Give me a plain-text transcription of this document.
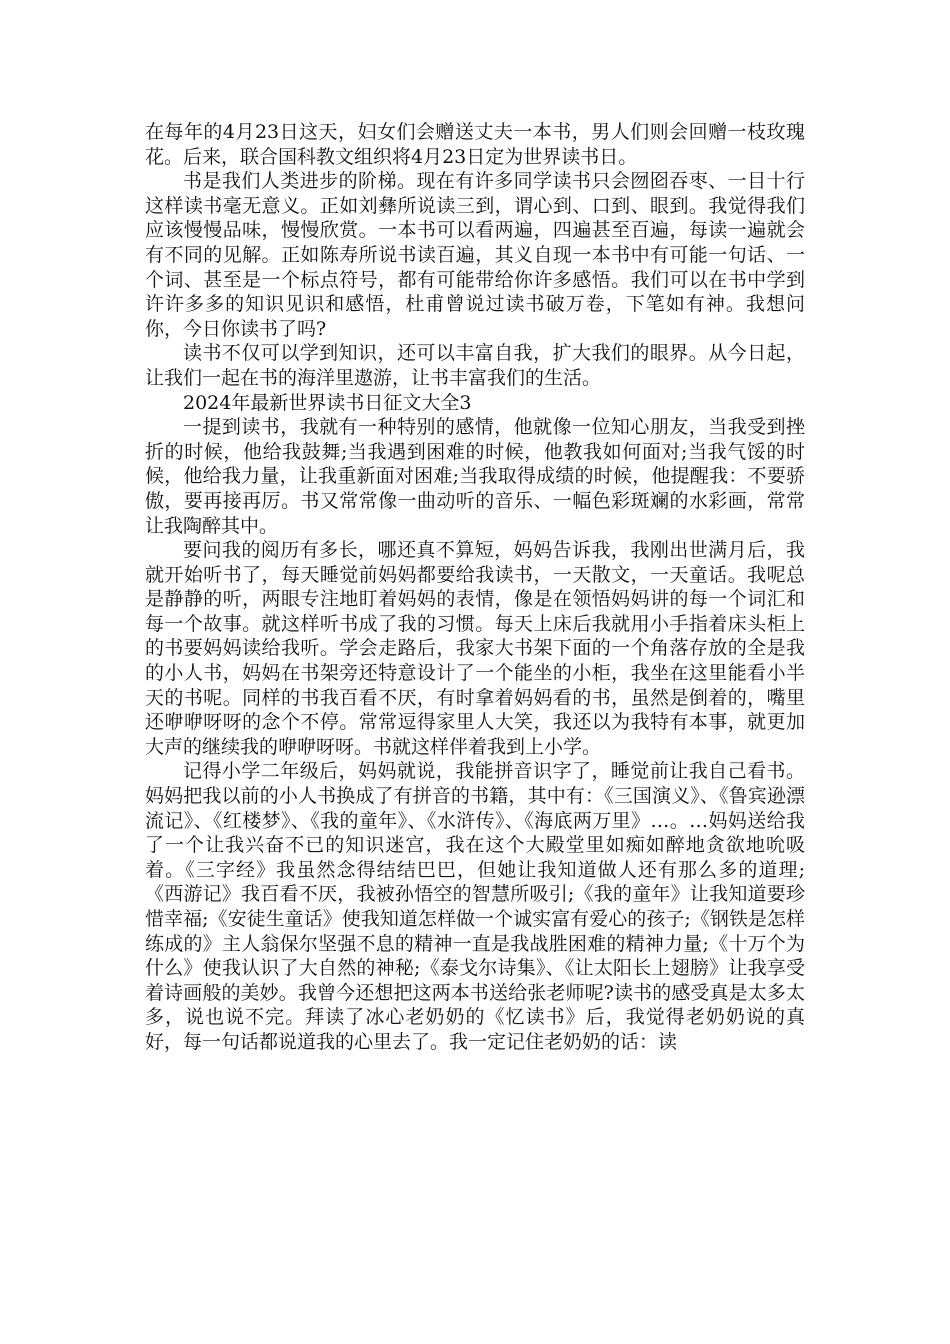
在每年的4月23日这天，妇女们会赠送丈夫一本书，男人们则会回赠一枝玫瑰花。后来，联合国科教文组织将4月23日定为世界读书日。

书是我们人类进步的阶梯。现在有许多同学读书只会囫囵吞枣、一目十行这样读书毫无意义。正如刘彝所说读三到，谓心到、口到、眼到。我觉得我们应该慢慢品味，慢慢欣赏。一本书可以看两遍，四遍甚至百遍，每读一遍就会有不同的见解。正如陈寿所说书读百遍，其义自现一本书中有可能一句话、一个词、甚至是一个标点符号，都有可能带给你许多感悟。我们可以在书中学到许许多多的知识见识和感悟，杜甫曾说过读书破万卷，下笔如有神。我想问你，今日你读书了吗?

读书不仅可以学到知识，还可以丰富自我，扩大我们的眼界。从今日起，让我们一起在书的海洋里遨游，让书丰富我们的生活。

2024年最新世界读书日征文大全3

一提到读书，我就有一种特别的感情，他就像一位知心朋友，当我受到挫折的时候，他给我鼓舞;当我遇到困难的时候，他教我如何面对;当我气馁的时候，他给我力量，让我重新面对困难;当我取得成绩的时候，他提醒我：不要骄傲，要再接再厉。书又常常像一曲动听的音乐、一幅色彩斑斓的水彩画，常常让我陶醉其中。

要问我的阅历有多长，哪还真不算短，妈妈告诉我，我刚出世满月后，我就开始听书了，每天睡觉前妈妈都要给我读书，一天散文，一天童话。我呢总是静静的听，两眼专注地盯着妈妈的表情，像是在领悟妈妈讲的每一个词汇和每一个故事。就这样听书成了我的习惯。每天上床后我就用小手指着床头柜上的书要妈妈读给我听。学会走路后，我家大书架下面的一个角落存放的全是我的小人书，妈妈在书架旁还特意设计了一个能坐的小柜，我坐在这里能看小半天的书呢。同样的书我百看不厌，有时拿着妈妈看的书，虽然是倒着的，嘴里还咿咿呀呀的念个不停。常常逗得家里人大笑，我还以为我特有本事，就更加大声的继续我的咿咿呀呀。书就这样伴着我到上小学。

记得小学二年级后，妈妈就说，我能拼音识字了，睡觉前让我自己看书。妈妈把我以前的小人书换成了有拼音的书籍，其中有：《三国演义》、《鲁宾逊漂流记》、《红楼梦》、《我的童年》、《水浒传》、《海底两万里》…。…妈妈送给我了一个让我兴奋不已的知识迷宫，我在这个大殿堂里如痴如醉地贪欲地吮吸着。《三字经》我虽然念得结结巴巴，但她让我知道做人还有那么多的道理;《西游记》我百看不厌，我被孙悟空的智慧所吸引;《我的童年》让我知道要珍惜幸福;《安徒生童话》使我知道怎样做一个诚实富有爱心的孩子;《钢铁是怎样练成的》主人翁保尔坚强不息的精神一直是我战胜困难的精神力量;《十万个为什么》使我认识了大自然的神秘;《泰戈尔诗集》、《让太阳长上翅膀》让我享受着诗画般的美妙。我曾今还想把这两本书送给张老师呢?读书的感受真是太多太多，说也说不完。拜读了冰心老奶奶的《忆读书》后，我觉得老奶奶说的真好，每一句话都说道我的心里去了。我一定记住老奶奶的话：读
